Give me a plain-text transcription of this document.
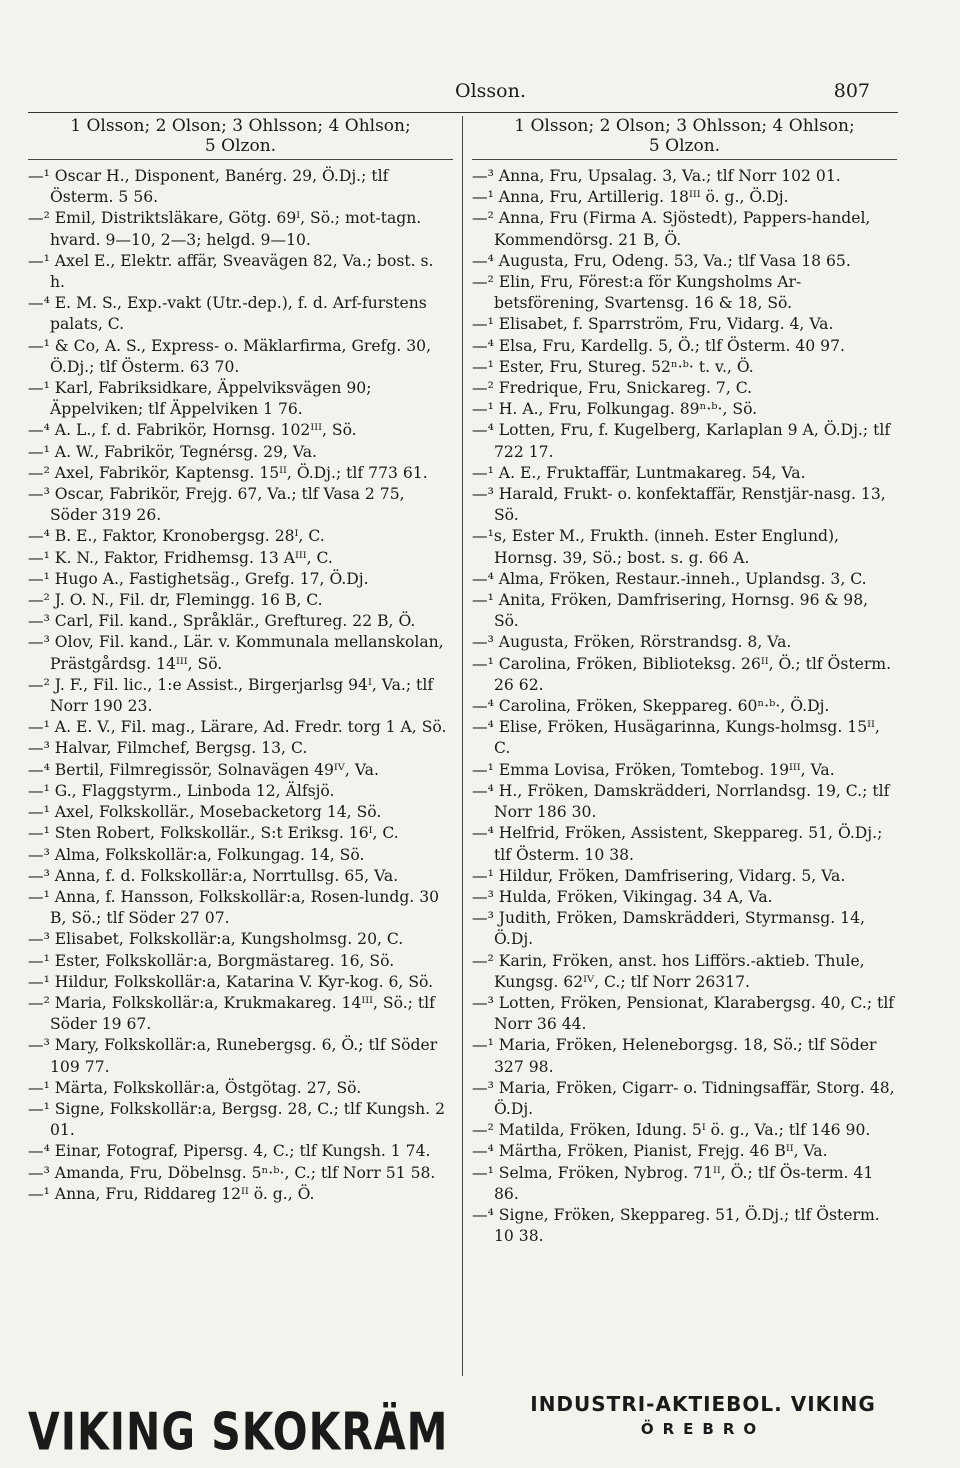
Olsson.	807
1 Olsson; 2 Olson; 3 Ohlsson; 4 Ohlson;
5 Olzon.
—¹ Oscar H., Disponent, Banérg. 29, Ö.Dj.; tlf Österm. 5 56.
—² Emil, Distriktsläkare, Götg. 69ᴵ, Sö.; mot-tagn. hvard. 9—10, 2—3; helgd. 9—10.
—¹ Axel E., Elektr. affär, Sveavägen 82, Va.; bost. s. h.
—⁴ E. M. S., Exp.-vakt (Utr.-dep.), f. d. Arf-furstens palats, C.
—¹ & Co, A. S., Express- o. Mäklarfirma, Grefg. 30, Ö.Dj.; tlf Österm. 63 70.
—¹ Karl, Fabriksidkare, Äppelviksvägen 90; Äppelviken; tlf Äppelviken 1 76.
—⁴ A. L., f. d. Fabrikör, Hornsg. 102ᴵᴵᴵ, Sö.
—¹ A. W., Fabrikör, Tegnérsg. 29, Va.
—² Axel, Fabrikör, Kaptensg. 15ᴵᴵ, Ö.Dj.; tlf 773 61.
—³ Oscar, Fabrikör, Frejg. 67, Va.; tlf Vasa 2 75, Söder 319 26.
—⁴ B. E., Faktor, Kronobergsg. 28ᴵ, C.
—¹ K. N., Faktor, Fridhemsg. 13 Aᴵᴵᴵ, C.
—¹ Hugo A., Fastighetsäg., Grefg. 17, Ö.Dj.
—² J. O. N., Fil. dr, Flemingg. 16 B, C.
—³ Carl, Fil. kand., Språklär., Greftureg. 22 B, Ö.
—³ Olov, Fil. kand., Lär. v. Kommunala mellanskolan, Prästgårdsg. 14ᴵᴵᴵ, Sö.
—² J. F., Fil. lic., 1:e Assist., Birgerjarlsg 94ᴵ, Va.; tlf Norr 190 23.
—¹ A. E. V., Fil. mag., Lärare, Ad. Fredr. torg 1 A, Sö.
—³ Halvar, Filmchef, Bergsg. 13, C.
—⁴ Bertil, Filmregissör, Solnavägen 49ᴵⱽ, Va.
—¹ G., Flaggstyrm., Linboda 12, Älfsjö.
—¹ Axel, Folkskollär., Mosebacketorg 14, Sö.
—¹ Sten Robert, Folkskollär., S:t Eriksg. 16ᴵ, C.
—³ Alma, Folkskollär:a, Folkungag. 14, Sö.
—³ Anna, f. d. Folkskollär:a, Norrtullsg. 65, Va.
—¹ Anna, f. Hansson, Folkskollär:a, Rosen-lundg. 30 B, Sö.; tlf Söder 27 07.
—³ Elisabet, Folkskollär:a, Kungsholmsg. 20, C.
—¹ Ester, Folkskollär:a, Borgmästareg. 16, Sö.
—¹ Hildur, Folkskollär:a, Katarina V. Kyr-kog. 6, Sö.
—² Maria, Folkskollär:a, Krukmakareg. 14ᴵᴵᴵ, Sö.; tlf Söder 19 67.
—³ Mary, Folkskollär:a, Runebergsg. 6, Ö.; tlf Söder 109 77.
—¹ Märta, Folkskollär:a, Östgötag. 27, Sö.
—¹ Signe, Folkskollär:a, Bergsg. 28, C.; tlf Kungsh. 2 01.
—⁴ Einar, Fotograf, Pipersg. 4, C.; tlf Kungsh. 1 74.
—³ Amanda, Fru, Döbelnsg. 5ⁿ·ᵇ·, C.; tlf Norr 51 58.
—¹ Anna, Fru, Riddareg 12ᴵᴵ ö. g., Ö.
1 Olsson; 2 Olson; 3 Ohlsson; 4 Ohlson;
5 Olzon.
—³ Anna, Fru, Upsalag. 3, Va.; tlf Norr 102 01.
—¹ Anna, Fru, Artillerig. 18ᴵᴵᴵ ö. g., Ö.Dj.
—² Anna, Fru (Firma A. Sjöstedt), Pappers-handel, Kommendörsg. 21 B, Ö.
—⁴ Augusta, Fru, Odeng. 53, Va.; tlf Vasa 18 65.
—² Elin, Fru, Förest:a för Kungsholms Ar-betsförening, Svartensg. 16 & 18, Sö.
—¹ Elisabet, f. Sparrström, Fru, Vidarg. 4, Va.
—⁴ Elsa, Fru, Kardellg. 5, Ö.; tlf Österm. 40 97.
—¹ Ester, Fru, Stureg. 52ⁿ·ᵇ· t. v., Ö.
—² Fredrique, Fru, Snickareg. 7, C.
—¹ H. A., Fru, Folkungag. 89ⁿ·ᵇ·, Sö.
—⁴ Lotten, Fru, f. Kugelberg, Karlaplan 9 A, Ö.Dj.; tlf 722 17.
—¹ A. E., Fruktaffär, Luntmakareg. 54, Va.
—³ Harald, Frukt- o. konfektaffär, Renstjär-nasg. 13, Sö.
—¹s, Ester M., Frukth. (inneh. Ester Englund), Hornsg. 39, Sö.; bost. s. g. 66 A.
—⁴ Alma, Fröken, Restaur.-inneh., Uplandsg. 3, C.
—¹ Anita, Fröken, Damfrisering, Hornsg. 96 & 98, Sö.
—³ Augusta, Fröken, Rörstrandsg. 8, Va.
—¹ Carolina, Fröken, Biblioteksg. 26ᴵᴵ, Ö.; tlf Österm. 26 62.
—⁴ Carolina, Fröken, Skeppareg. 60ⁿ·ᵇ·, Ö.Dj.
—⁴ Elise, Fröken, Husägarinna, Kungs-holmsg. 15ᴵᴵ, C.
—¹ Emma Lovisa, Fröken, Tomtebog. 19ᴵᴵᴵ, Va.
—⁴ H., Fröken, Damskrädderi, Norrlandsg. 19, C.; tlf Norr 186 30.
—⁴ Helfrid, Fröken, Assistent, Skeppareg. 51, Ö.Dj.; tlf Österm. 10 38.
—¹ Hildur, Fröken, Damfrisering, Vidarg. 5, Va.
—³ Hulda, Fröken, Vikingag. 34 A, Va.
—³ Judith, Fröken, Damskrädderi, Styrmansg. 14, Ö.Dj.
—² Karin, Fröken, anst. hos Lifförs.-aktieb. Thule, Kungsg. 62ᴵⱽ, C.; tlf Norr 26317.
—³ Lotten, Fröken, Pensionat, Klarabergsg. 40, C.; tlf Norr 36 44.
—¹ Maria, Fröken, Heleneborgsg. 18, Sö.; tlf Söder 327 98.
—³ Maria, Fröken, Cigarr- o. Tidningsaffär, Storg. 48, Ö.Dj.
—² Matilda, Fröken, Idung. 5ᴵ ö. g., Va.; tlf 146 90.
—⁴ Märtha, Fröken, Pianist, Frejg. 46 Bᴵᴵ, Va.
—¹ Selma, Fröken, Nybrog. 71ᴵᴵ, Ö.; tlf Ös-term. 41 86.
—⁴ Signe, Fröken, Skeppareg. 51, Ö.Dj.; tlf Österm. 10 38.
VIKING SKOKRÄM	INDUSTRI-AKTIEBOL. VIKING
ÖREBRO
